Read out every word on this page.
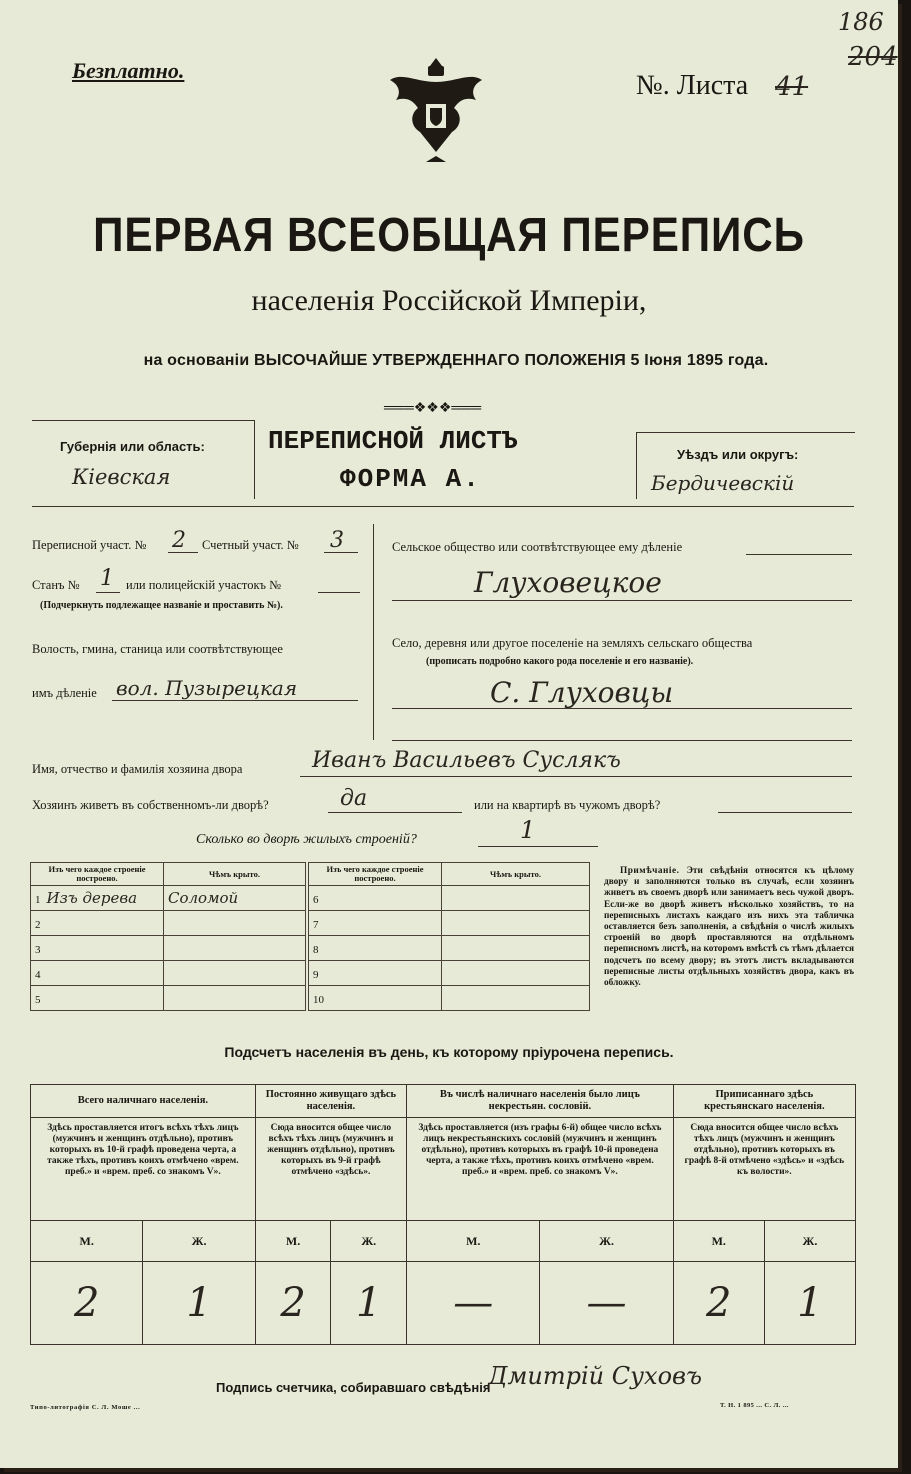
186
204
Безплатно.	№. Листа 41
ПЕРВАЯ ВСЕОБЩАЯ ПЕРЕПИСЬ
населенія Россійской Имперіи,
на основаніи ВЫСОЧАЙШЕ УТВЕРЖДЕННАГО ПОЛОЖЕНІЯ 5 Іюня 1895 года.
═══❖❖❖═══
Губернія или область:
Кіевская
ПЕРЕПИСНОЙ ЛИСТЪ
ФОРМА А.
Уѣздъ или округъ:
Бердичевскій
Переписной участ. № 2 Счетный участ. № 3
Станъ № 1 или полицейскій участокъ №
(Подчеркнуть подлежащее названіе и проставить №).
Волость, гмина, станица или соотвѣтствующее
имъ дѣленіе вол. Пузырецкая
Сельское общество или соотвѣтствующее ему дѣленіе
Глуховецкое
Село, деревня или другое поселеніе на земляхъ сельскаго общества
(прописать подробно какого рода поселеніе и его названіе).
С. Глуховцы
Имя, отчество и фамилія хозяина двора	Иванъ Васильевъ Суслякъ
Хозяинъ живетъ въ собственномъ-ли дворѣ?	да	или на квартирѣ въ чужомъ дворѣ?
Сколько во дворѣ жилыхъ строеній?	1
Изъ чего каждое строеніе построено.	Чѣмъ крыто.
1 Изъ дерева	Соломой
2	
3	
4	
5	
Изъ чего каждое строеніе построено.	Чѣмъ крыто.
6	
7	
8	
9	
10	
Примѣчаніе. Эти свѣдѣнія относятся къ цѣлому двору и заполняются только въ случаѣ, если хозяинъ живетъ въ своемъ дворѣ или занимаетъ весь чужой дворъ. Если-же во дворѣ живетъ нѣсколько хозяйствъ, то на переписныхъ листахъ каждаго изъ нихъ эта табличка оставляется безъ заполненія, а свѣдѣнія о числѣ жилыхъ строеній во дворѣ проставляются на отдѣльномъ переписномъ листѣ, на которомъ вмѣстѣ съ тѣмъ дѣлается подсчетъ по всему двору; въ этотъ листъ вкладываются переписные листы отдѣльныхъ хозяйствъ двора, какъ въ обложку.
Подсчетъ населенія въ день, къ которому пріурочена перепись.
Всего наличнаго населенія.		Постоянно живущаго здѣсь населенія.		Въ числѣ наличнаго населенія было лицъ некрестьян. сословій.		Приписаннаго здѣсь крестьянскаго населенія.	
Здѣсь проставляется итогъ всѣхъ тѣхъ лицъ (мужчинъ и женщинъ отдѣльно), противъ которыхъ въ 10-й графѣ проведена черта, а также тѣхъ, противъ коихъ отмѣчено «врем. преб.» и «врем. преб. со знакомъ V».		Сюда вносится общее число всѣхъ тѣхъ лицъ (мужчинъ и женщинъ отдѣльно), противъ которыхъ въ 9-й графѣ отмѣчено «здѣсь».		Здѣсь проставляется (изъ графы 6-й) общее число всѣхъ лицъ некрестьянскихъ сословій (мужчинъ и женщинъ отдѣльно), противъ которыхъ въ графѣ 10-й проведена черта, а также тѣхъ, противъ коихъ отмѣчено «врем. преб.» и «врем. преб. со знакомъ V».		Сюда вносится общее число всѣхъ тѣхъ лицъ (мужчинъ и женщинъ отдѣльно), противъ которыхъ въ графѣ 8-й отмѣчено «здѣсь» и «здѣсь къ волости».	
М.	Ж.	М.	Ж.	М.	Ж.	М.	Ж.
2	1	2	1	—	—	2	1
Подпись счетчика, собиравшаго свѣдѣнія
Дмитрій Суховъ
Типо-литографія С. Л. Моше ...	Т. Н. 1 895 ... С. Л. ...
